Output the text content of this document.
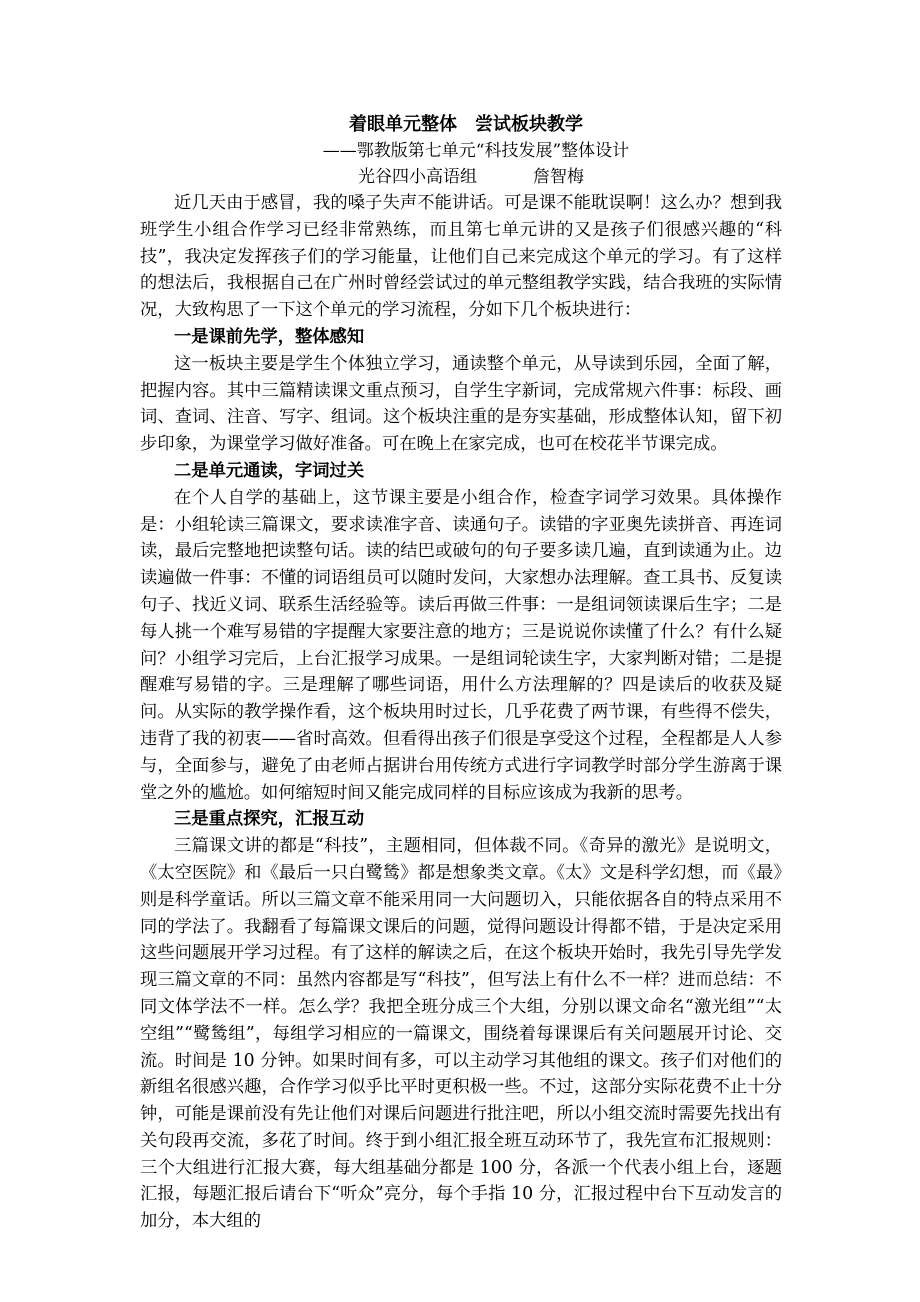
着眼单元整体　尝试板块教学

——鄂教版第七单元“科技发展”整体设计

光谷四小高语组	詹智梅

近几天由于感冒，我的嗓子失声不能讲话。可是课不能耽误啊！这么办？想到我班学生小组合作学习已经非常熟练，而且第七单元讲的又是孩子们很感兴趣的“科技”，我决定发挥孩子们的学习能量，让他们自己来完成这个单元的学习。有了这样的想法后，我根据自己在广州时曾经尝试过的单元整组教学实践，结合我班的实际情况，大致构思了一下这个单元的学习流程，分如下几个板块进行：

一是课前先学，整体感知

这一板块主要是学生个体独立学习，通读整个单元，从导读到乐园，全面了解，把握内容。其中三篇精读课文重点预习，自学生字新词，完成常规六件事：标段、画词、查词、注音、写字、组词。这个板块注重的是夯实基础，形成整体认知，留下初步印象，为课堂学习做好准备。可在晚上在家完成，也可在校花半节课完成。

二是单元通读，字词过关

在个人自学的基础上，这节课主要是小组合作，检查字词学习效果。具体操作是：小组轮读三篇课文，要求读准字音、读通句子。读错的字亚奥先读拼音、再连词读，最后完整地把读整句话。读的结巴或破句的句子要多读几遍，直到读通为止。边读遍做一件事：不懂的词语组员可以随时发问，大家想办法理解。查工具书、反复读句子、找近义词、联系生活经验等。读后再做三件事：一是组词领读课后生字；二是每人挑一个难写易错的字提醒大家要注意的地方；三是说说你读懂了什么？有什么疑问？小组学习完后，上台汇报学习成果。一是组词轮读生字，大家判断对错；二是提醒难写易错的字。三是理解了哪些词语，用什么方法理解的？四是读后的收获及疑问。从实际的教学操作看，这个板块用时过长，几乎花费了两节课，有些得不偿失，违背了我的初衷——省时高效。但看得出孩子们很是享受这个过程，全程都是人人参与，全面参与，避免了由老师占据讲台用传统方式进行字词教学时部分学生游离于课堂之外的尴尬。如何缩短时间又能完成同样的目标应该成为我新的思考。

三是重点探究，汇报互动

三篇课文讲的都是“科技”，主题相同，但体裁不同。《奇异的激光》是说明文，《太空医院》和《最后一只白鹭鸶》都是想象类文章。《太》文是科学幻想，而《最》则是科学童话。所以三篇文章不能采用同一大问题切入，只能依据各自的特点采用不同的学法了。我翻看了每篇课文课后的问题，觉得问题设计得都不错，于是决定采用这些问题展开学习过程。有了这样的解读之后，在这个板块开始时，我先引导先学发现三篇文章的不同：虽然内容都是写“科技”，但写法上有什么不一样？进而总结：不同文体学法不一样。怎么学？我把全班分成三个大组，分别以课文命名“激光组”“太空组”“鹭鸶组”，每组学习相应的一篇课文，围绕着每课课后有关问题展开讨论、交流。时间是 10 分钟。如果时间有多，可以主动学习其他组的课文。孩子们对他们的新组名很感兴趣，合作学习似乎比平时更积极一些。不过，这部分实际花费不止十分钟，可能是课前没有先让他们对课后问题进行批注吧，所以小组交流时需要先找出有关句段再交流，多花了时间。终于到小组汇报全班互动环节了，我先宣布汇报规则：三个大组进行汇报大赛，每大组基础分都是 100 分，各派一个代表小组上台，逐题汇报，每题汇报后请台下“听众”亮分，每个手指 10 分，汇报过程中台下互动发言的加分，本大组的
